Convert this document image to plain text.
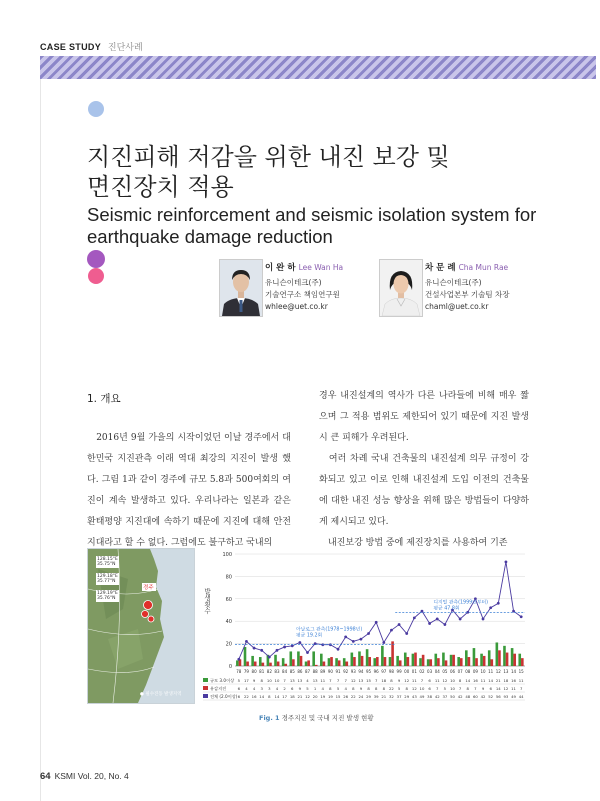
CASE STUDY 진단사례
지진피해 저감을 위한 내진 보강 및
면진장치 적용
Seismic reinforcement and seismic isolation system for
earthquake damage reduction
이 완 하 Lee Wan Ha
유니슨이테크(주)
기술연구소 책임연구원
whlee@uet.co.kr
차 문 례 Cha Mun Rae
유니슨이테크(주)
건설사업본부 기술팀 차장
chaml@uet.co.kr
1. 개요

　2016년 9월 가을의 시작이었던 이날 경주에서 대한민국 지진관측 이래 역대 최강의 지진이 발생 했다. 그림 1과 같이 경주에 규모 5.8과 500여회의 여진이 계속 발생하고 있다. 우리나라는 일본과 같은 환태평양 지진대에 속하기 때문에 지진에 대해 안전지대라고 할 수 없다. 그럼에도 불구하고 국내의

경우 내진설계의 역사가 다른 나라들에 비해 매우 짧으며 그 적용 범위도 제한되어 있기 때문에 지진 발생 시 큰 피해가 우려된다.

　여러 차례 국내 건축물의 내진설계 의무 규정이 강화되고 있고 이로 인해 내진설계 도입 이전의 건축물에 대한 내진 성능 향상을 위해 많은 방법들이 다양하게 제시되고 있다.

　내진보강 방법 중에 제진장치를 사용하여 기존

경주
128.15°E
35.75°N
129.18°E
35.77°N
129.19°E
35.76°N
● 필수진동 발생지역
0
20
40
60
80
100
디지털 관측(1999년부터)
평균 47.8회
아날로그 관측(1978~1998년)
평균 19.2회
78 79 80 81 82 83 84 85 86 87 88 89 90 91 92 93 94 95 96 97 98 99 00 01 02 03 04 05 06 07 08 09 10 11 12 13 14 15
규모 3.0이상 5 17 9 8 10 10 7 13 13 4 13 11 7 7 7 12 13 15 7 18 8 9 12 11 7 6 11 12 10 8 14 16 11 14 21 18 16 11
유감지진	6 4 4 3 3 4 2 6 9 5 1 4 8 5 4 8 9 8 8 8 22 5 8 12 10 6 7 5 10 7 8 7 9 6 14 12 11 7
전체 (2.0이상) 6 22 16 14 8 14 17 18 21 12 20 19 19 15 26 22 24 29 39 21 32 37 29 43 49 38 42 37 50 42 48 60 42 52 56 93 49 44
발생횟수
Fig. 1 경주지진 및 국내 지진 발생 현황
64 KSMI Vol. 20, No. 4
